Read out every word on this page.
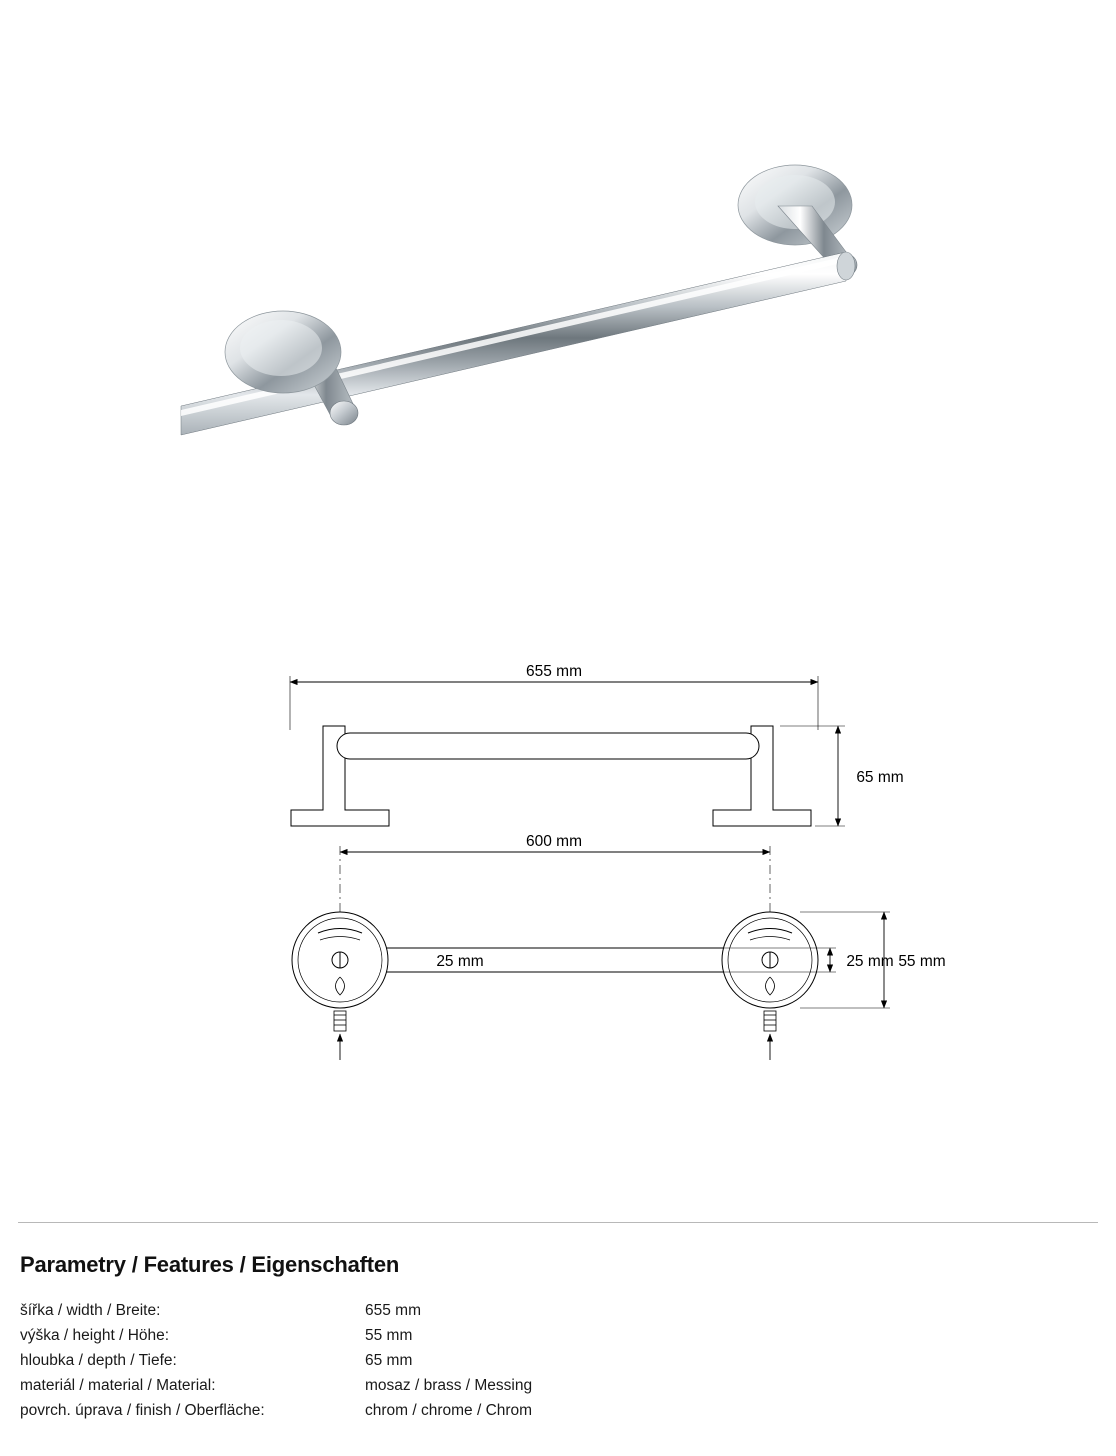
655 mm
65 mm
600 mm
25 mm	25 mm 55 mm
Parametry / Features / Eigenschaften
šířka / width / Breite:	655 mm
výška / height / Höhe:	55 mm
hloubka / depth / Tiefe:	65 mm
materiál / material / Material:	mosaz / brass / Messing
povrch. úprava / finish / Oberfläche:	chrom / chrome / Chrom
